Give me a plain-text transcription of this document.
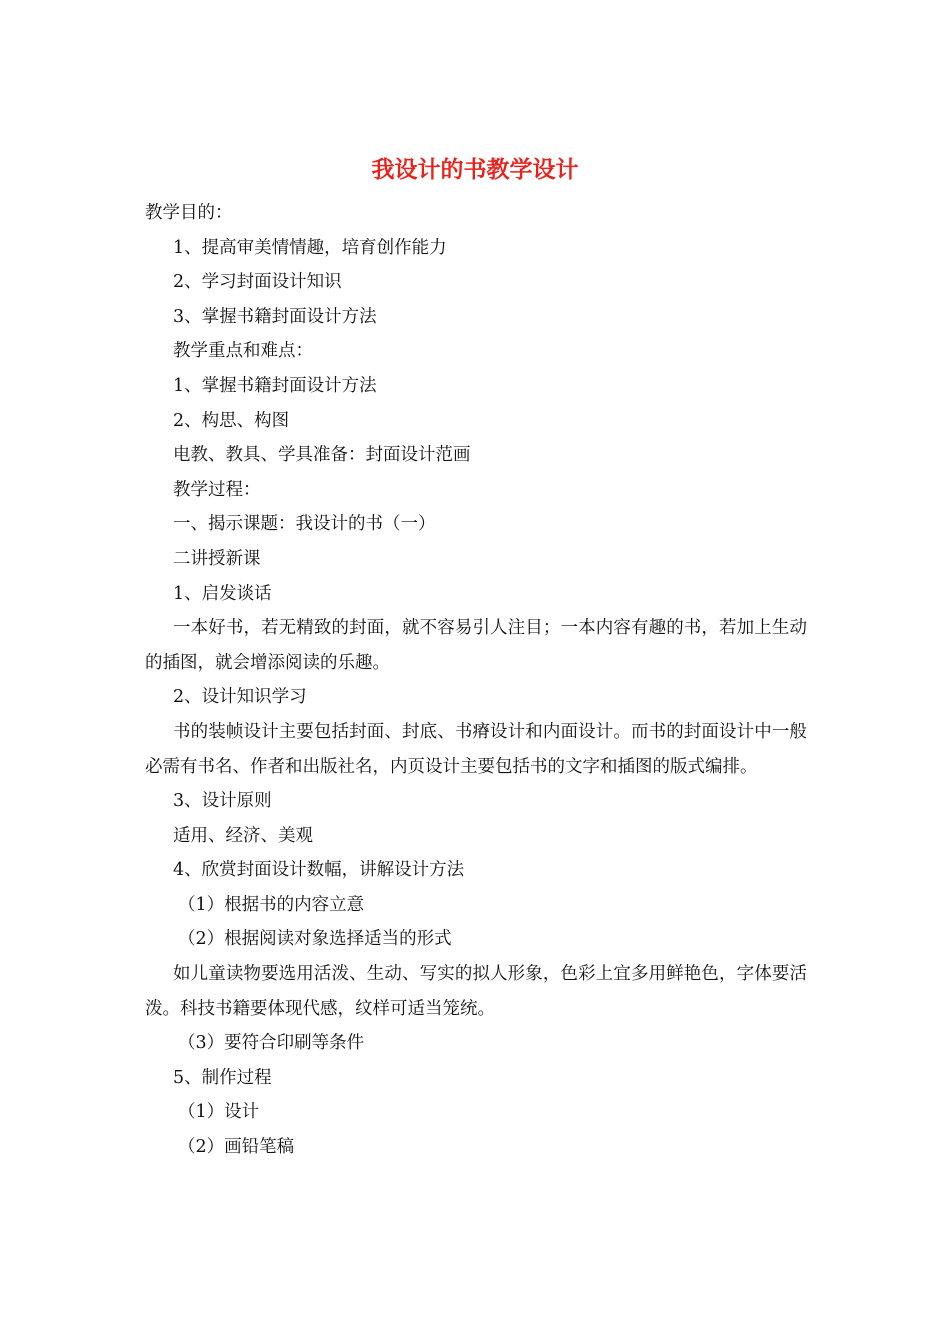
我设计的书教学设计

教学目的：

1、提高审美情情趣，培育创作能力

2、学习封面设计知识

3、掌握书籍封面设计方法

教学重点和难点：

1、掌握书籍封面设计方法

2、构思、构图

电教、教具、学具准备：封面设计范画

教学过程：

一、揭示课题：我设计的书（一）

二讲授新课

1、启发谈话

一本好书，若无精致的封面，就不容易引人注目；一本内容有趣的书，若加上生动的插图，就会增添阅读的乐趣。

2、设计知识学习

书的装帧设计主要包括封面、封底、书瘠设计和内面设计。而书的封面设计中一般必需有书名、作者和出版社名，内页设计主要包括书的文字和插图的版式编排。

3、设计原则

适用、经济、美观

4、欣赏封面设计数幅，讲解设计方法

（1）根据书的内容立意

（2）根据阅读对象选择适当的形式

如儿童读物要选用活泼、生动、写实的拟人形象，色彩上宜多用鲜艳色，字体要活泼。科技书籍要体现代感，纹样可适当笼统。

（3）要符合印刷等条件

5、制作过程

（1）设计

（2）画铅笔稿
